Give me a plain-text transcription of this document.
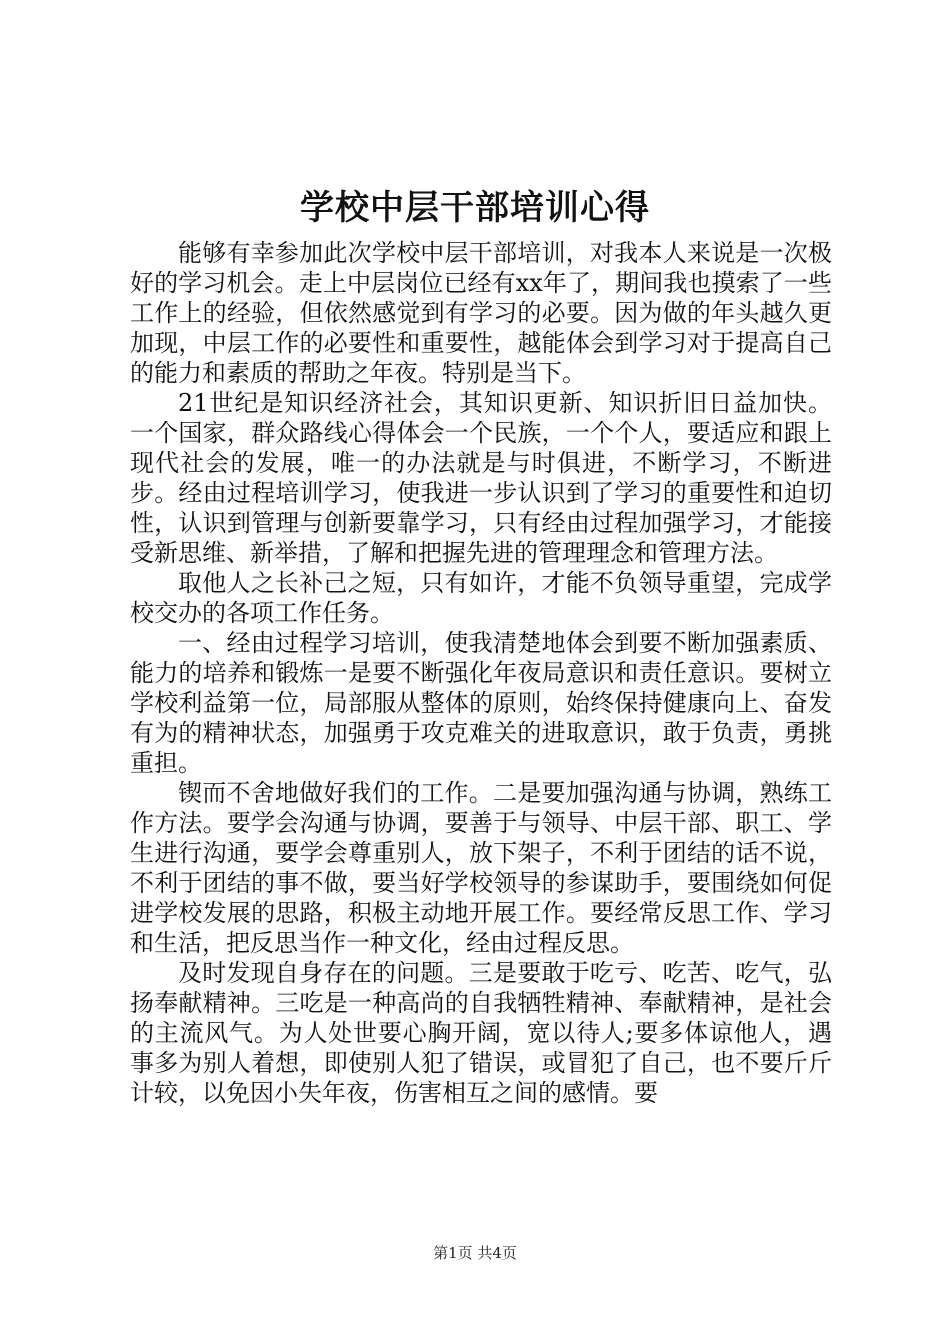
学校中层干部培训心得

能够有幸参加此次学校中层干部培训，对我本人来说是一次极好的学习机会。走上中层岗位已经有xx年了，期间我也摸索了一些工作上的经验，但依然感觉到有学习的必要。因为做的年头越久更加现，中层工作的必要性和重要性，越能体会到学习对于提高自己的能力和素质的帮助之年夜。特别是当下。

21世纪是知识经济社会，其知识更新、知识折旧日益加快。一个国家，群众路线心得体会一个民族，一个个人，要适应和跟上现代社会的发展，唯一的办法就是与时俱进，不断学习，不断进步。经由过程培训学习，使我进一步认识到了学习的重要性和迫切性，认识到管理与创新要靠学习，只有经由过程加强学习，才能接受新思维、新举措，了解和把握先进的管理理念和管理方法。

取他人之长补己之短，只有如许，才能不负领导重望，完成学校交办的各项工作任务。

一、经由过程学习培训，使我清楚地体会到要不断加强素质、能力的培养和锻炼一是要不断强化年夜局意识和责任意识。要树立学校利益第一位，局部服从整体的原则，始终保持健康向上、奋发有为的精神状态，加强勇于攻克难关的进取意识，敢于负责，勇挑重担。

锲而不舍地做好我们的工作。二是要加强沟通与协调，熟练工作方法。要学会沟通与协调，要善于与领导、中层干部、职工、学生进行沟通，要学会尊重别人，放下架子，不利于团结的话不说，不利于团结的事不做，要当好学校领导的参谋助手，要围绕如何促进学校发展的思路，积极主动地开展工作。要经常反思工作、学习和生活，把反思当作一种文化，经由过程反思。

及时发现自身存在的问题。三是要敢于吃亏、吃苦、吃气，弘扬奉献精神。三吃是一种高尚的自我牺牲精神、奉献精神，是社会的主流风气。为人处世要心胸开阔，宽以待人;要多体谅他人，遇事多为别人着想，即使别人犯了错误，或冒犯了自己，也不要斤斤计较，以免因小失年夜，伤害相互之间的感情。要

第1页 共4页
